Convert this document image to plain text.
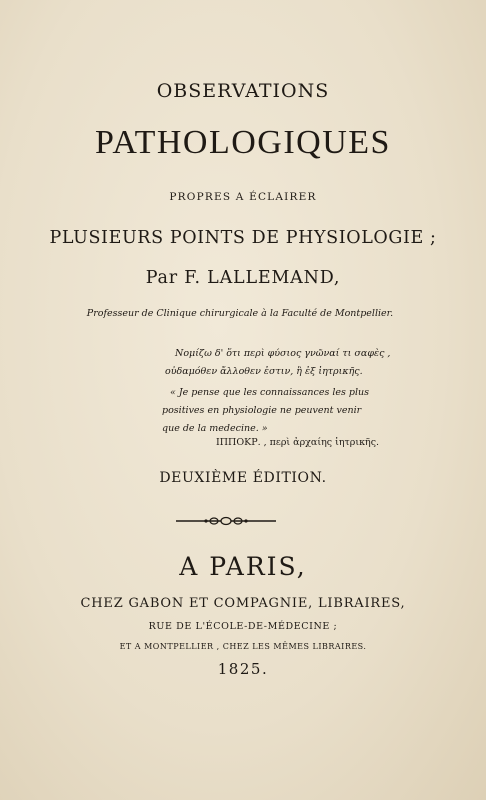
OBSERVATIONS
PATHOLOGIQUES
PROPRES A ÉCLAIRER
PLUSIEURS POINTS DE PHYSIOLOGIE ;
Par F. LALLEMAND,
Professeur de Clinique chirurgicale à la Faculté de Montpellier.
Νομίζω δ' ὅτι περὶ φύσιος γνῶναί τι σαφὲς ,
οὐδαμόθεν ἄλλοθεν ἐστιν, ἢ ἐξ ἰητρικῆς.
« Je pense que les connaissances les plus
positives en physiologie ne peuvent venir
que de la medecine. »
ΙΠΠΟΚΡ. , περὶ ἀρχαίης ἰητρικῆς.
DEUXIÈME ÉDITION.
A PARIS,
CHEZ GABON ET COMPAGNIE, LIBRAIRES,
RUE DE L'ÉCOLE-DE-MÉDECINE ;
ET A MONTPELLIER , CHEZ LES MÊMES LIBRAIRES.
1825.
